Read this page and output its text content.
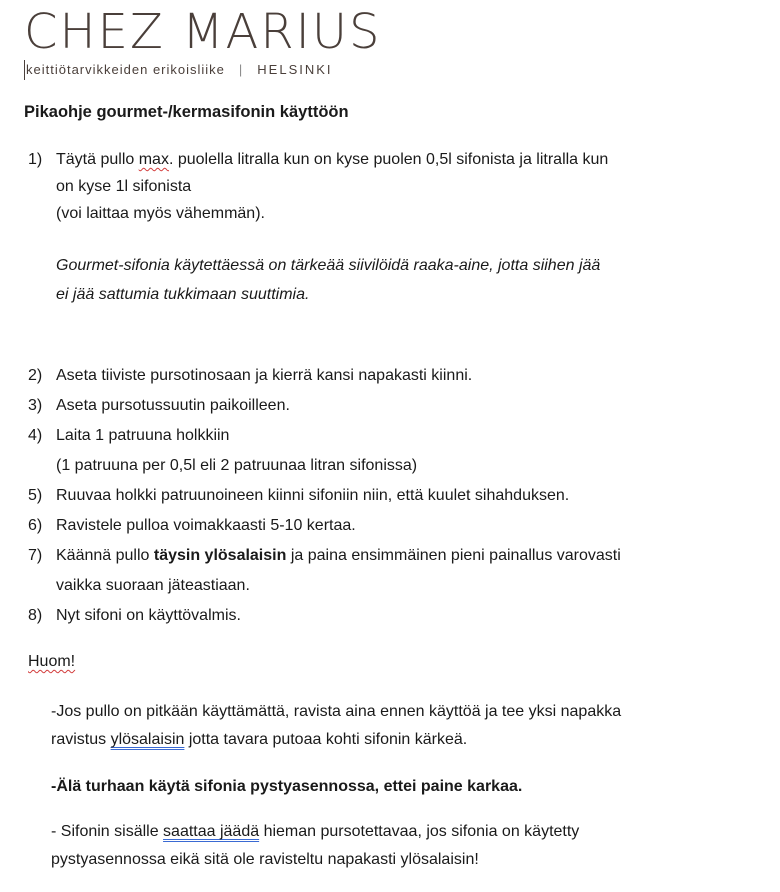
CHEZ MARIUS
keittiötarvikkeiden erikoisliike | HELSINKI

Pikaohje gourmet-/kermasifonin käyttöön

1) Täytä pullo max. puolella litralla kun on kyse puolen 0,5l sifonista ja litralla kun
on kyse 1l sifonista
(voi laittaa myös vähemmän).
Gourmet-sifonia käytettäessä on tärkeää siivilöidä raaka-aine, jotta siihen jää
ei jää sattumia tukkimaan suuttimia.
2) Aseta tiiviste pursotinosaan ja kierrä kansi napakasti kiinni.
3) Aseta pursotussuutin paikoilleen.
4) Laita 1 patruuna holkkiin
(1 patruuna per 0,5l eli 2 patruunaa litran sifonissa)
5) Ruuvaa holkki patruunoineen kiinni sifoniin niin, että kuulet sihahduksen.
6) Ravistele pulloa voimakkaasti 5-10 kertaa.
7) Käännä pullo täysin ylösalaisin ja paina ensimmäinen pieni painallus varovasti
vaikka suoraan jäteastiaan.
8) Nyt sifoni on käyttövalmis.
Huom!
-Jos pullo on pitkään käyttämättä, ravista aina ennen käyttöä ja tee yksi napakka
ravistus ylösalaisin jotta tavara putoaa kohti sifonin kärkeä.
-Älä turhaan käytä sifonia pystyasennossa, ettei paine karkaa.
- Sifonin sisälle saattaa jäädä hieman pursotettavaa, jos sifonia on käytetty
pystyasennossa eikä sitä ole ravisteltu napakasti ylösalaisin!
